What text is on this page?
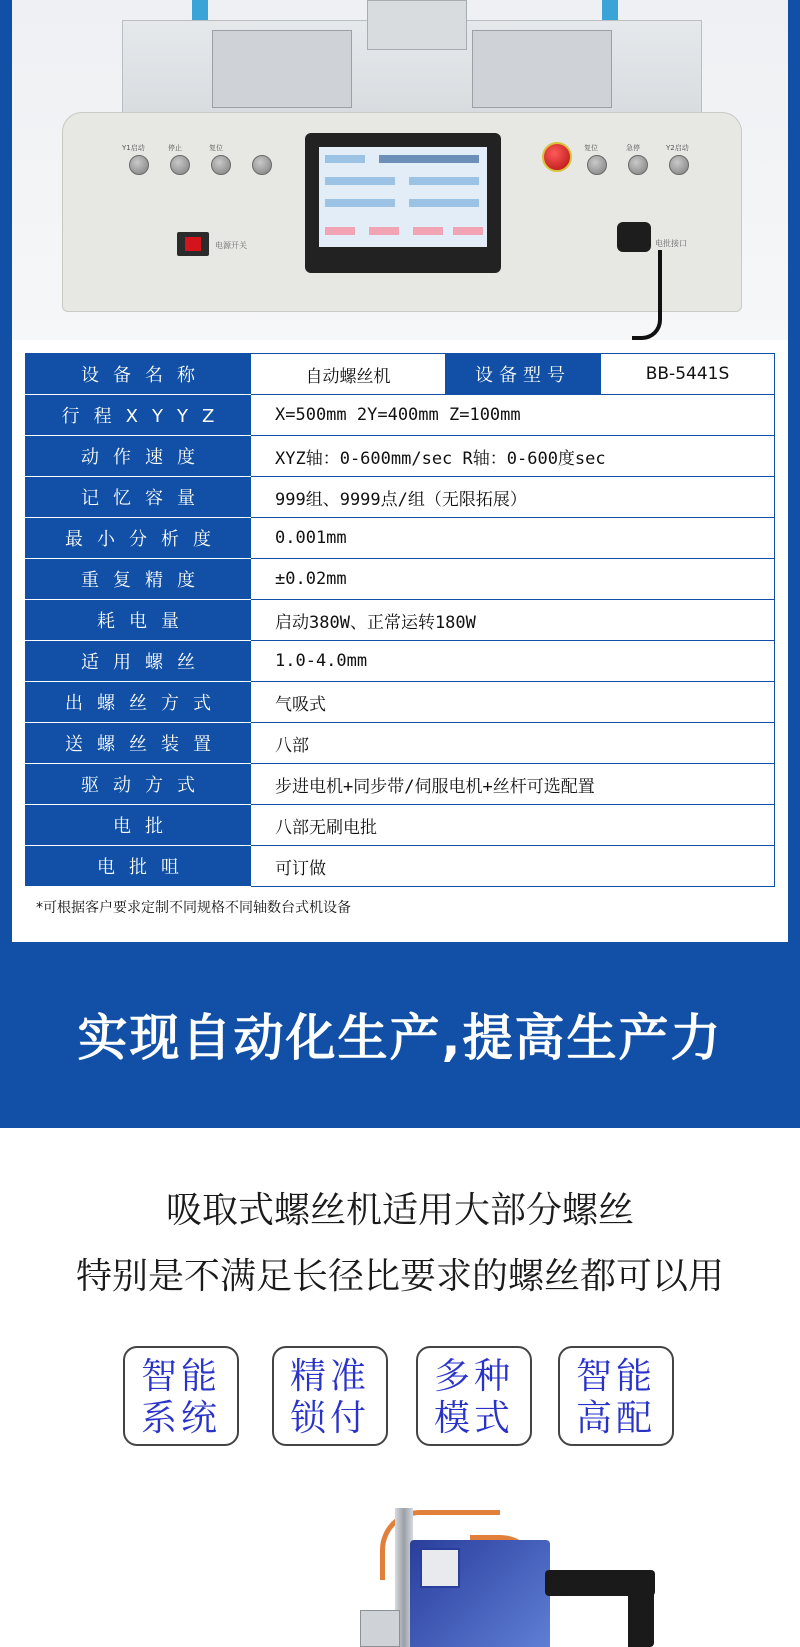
Y1启动	停止	复位	复位	急停	Y2启动
电源开关	电批接口
设备名称	自动螺丝机	设备型号	BB-5441S
行程XYYZ	X=500mm 2Y=400mm Z=100mm		
动作速度	XYZ轴：0-600mm/sec R轴：0-600度sec		
记忆容量	999组、9999点/组（无限拓展）		
最小分析度	0.001mm		
重复精度	±0.02mm		
耗电量	启动380W、正常运转180W		
适用螺丝	1.0-4.0mm		
出螺丝方式	气吸式		
送螺丝装置	八部		
驱动方式	步进电机+同步带/伺服电机+丝杆可选配置		
电批	八部无刷电批		
电批咀	可订做		
*可根据客户要求定制不同规格不同轴数台式机设备
实现自动化生产,提高生产力
吸取式螺丝机适用大部分螺丝
特别是不满足长径比要求的螺丝都可以用
智能
系统
精准
锁付
多种
模式
智能
高配
